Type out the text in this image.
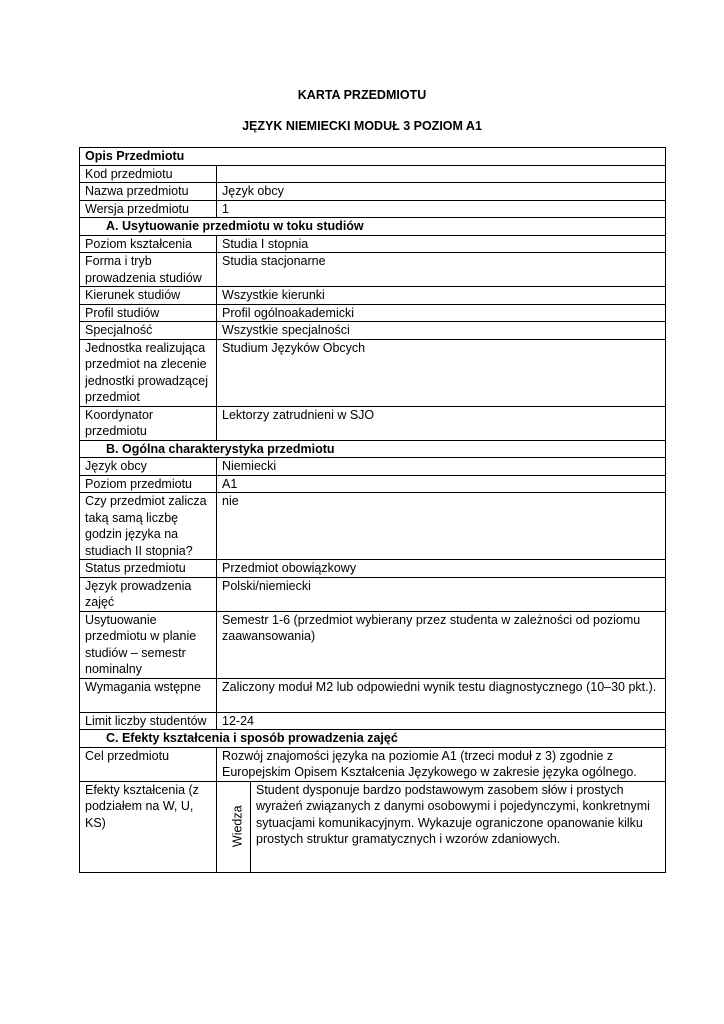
KARTA PRZEDMIOTU
JĘZYK NIEMIECKI MODUŁ 3 POZIOM A1
Opis Przedmiotu
Kod przedmiotu	
Nazwa przedmiotu	Język obcy
Wersja przedmiotu	1
A. Usytuowanie przedmiotu w toku studiów
Poziom kształcenia	Studia I stopnia
Forma i tryb prowadzenia studiów	Studia stacjonarne
Kierunek studiów	Wszystkie kierunki
Profil studiów	Profil ogólnoakademicki
Specjalność	Wszystkie specjalności
Jednostka realizująca przedmiot na zlecenie jednostki prowadzącej przedmiot	Studium Języków Obcych
Koordynator przedmiotu	Lektorzy zatrudnieni w SJO
B. Ogólna charakterystyka przedmiotu
Język obcy	Niemiecki
Poziom przedmiotu	A1
Czy przedmiot zalicza taką samą liczbę godzin języka na studiach II stopnia?	nie
Status przedmiotu	Przedmiot obowiązkowy
Język prowadzenia zajęć	Polski/niemiecki
Usytuowanie przedmiotu w planie studiów – semestr nominalny	Semestr 1-6 (przedmiot wybierany przez studenta w zależności od poziomu zaawansowania)
Wymagania wstępne	Zaliczony moduł M2 lub odpowiedni wynik testu diagnostycznego (10–30 pkt.).
Limit liczby studentów	12-24
C. Efekty kształcenia i sposób prowadzenia zajęć
Cel przedmiotu	Rozwój znajomości języka na poziomie A1 (trzeci moduł z 3) zgodnie z Europejskim Opisem Kształcenia Językowego w zakresie języka ogólnego.
Efekty kształcenia (z podziałem na W, U, KS)		Wiedza	Student dysponuje bardzo podstawowym zasobem słów i prostych wyrażeń związanych z danymi osobowymi i pojedynczymi, konkretnymi sytuacjami komunikacyjnym. Wykazuje ograniczone opanowanie kilku prostych struktur gramatycznych i wzorów zdaniowych.
